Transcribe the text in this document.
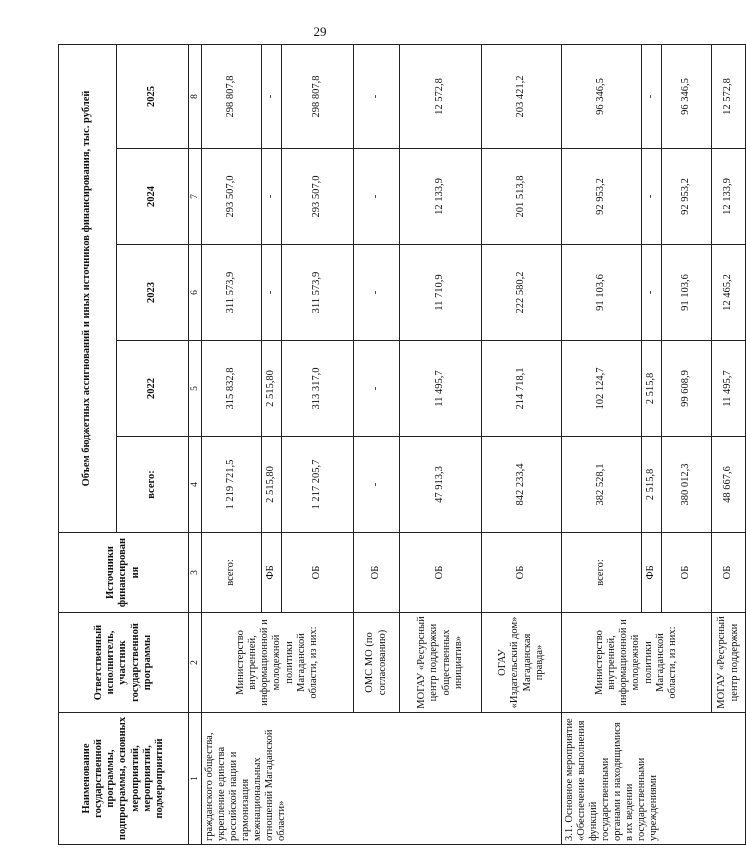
29
Наименование государственной программы, подпрограммы, основных мероприятий, мероприятий, подмероприятий	Ответственный исполнитель, участник государственной программы	Источники финансирования	Объем бюджетных ассигнований и иных источников финансирования, тыс. рублей				
			всего:	2022	2023	2024	2025
1	2	3	4	5	6	7	8
гражданского общества, укрепление единства российской нации и гармонизация межнациональных отношений Магаданской области»	Министерство внутренней, информационной и молодежной политики Магаданской области, из них:	всего:	1 219 721,5	315 832,8	311 573,9	293 507,0	298 807,8
		ФБ	2 515,80	2 515,80	-	-	-
		ОБ	1 217 205,7	313 317,0	311 573,9	293 507,0	298 807,8
	ОМС МО (по согласованию)	ОБ	-	-	-	-	-
	МОГАУ «Ресурсный центр поддержки общественных инициатив»	ОБ	47 913,3	11 495,7	11 710,9	12 133,9	12 572,8
	ОГАУ «Издательский дом» Магаданская правда»	ОБ	842 233,4	214 718,1	222 580,2	201 513,8	203 421,2
3.1. Основное мероприятие «Обеспечение выполнения функций государственными органами и находящимися в их ведении государственными учреждениями	Министерство внутренней, информационной и молодежной политики Магаданской области, из них:	всего:	382 528,1	102 124,7	91 103,6	92 953,2	96 346,5
		ФБ	2 515,8	2 515,8	-	-	-
		ОБ	380 012,3	99 608,9	91 103,6	92 953,2	96 346,5
	МОГАУ «Ресурсный центр поддержки	ОБ	48 667,6	11 495,7	12 465,2	12 133,9	12 572,8
